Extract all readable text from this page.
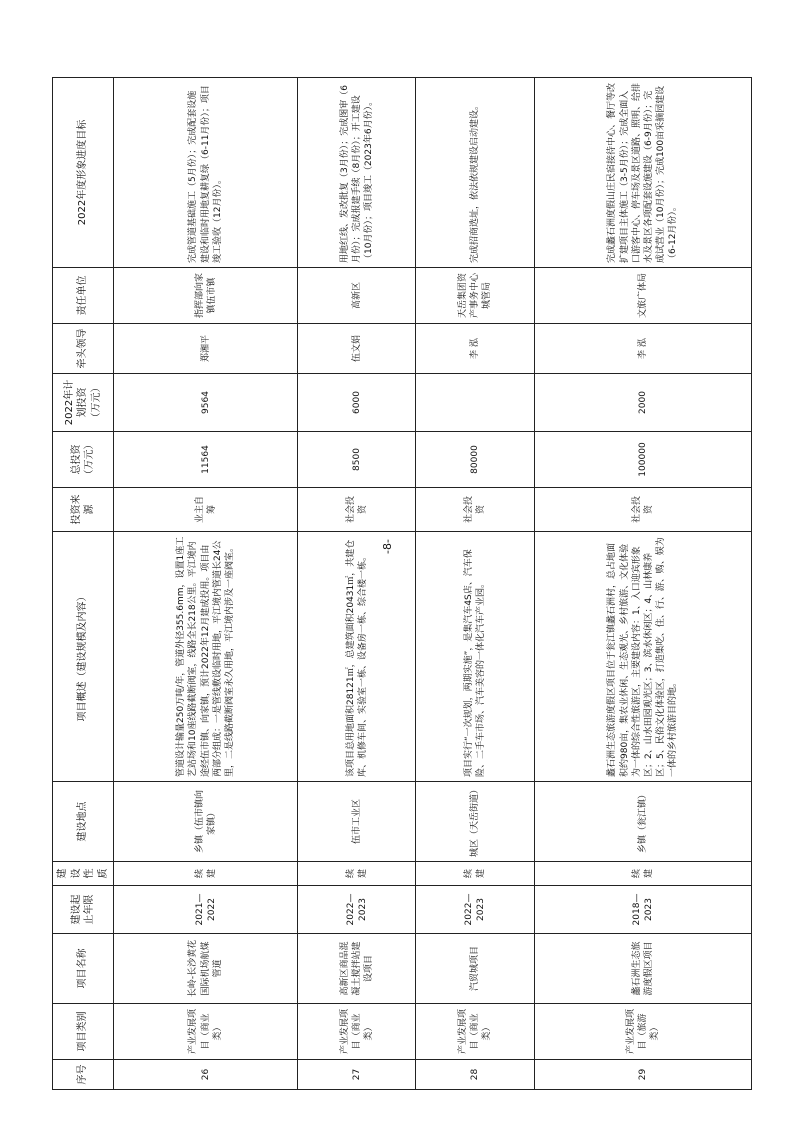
序号	项目类别	项目名称	建设起止年限	建设性质	建设地点	项目概述（建设规模及内容）	投资来源	总投资（万元）	2022年计划投资（万元）	牵头领导	责任单位	2022年度形象进度目标
26	产业发展项目（商业类）	长岭-长沙黄花国际机场航煤管道	2021—2022	续建	乡镇（伍市镇向家镇）	管道设计输量250万吨/年，管道外径355.6mm，设置1座工艺站场和10座线路截断阀室，线路全长218公里。平江境内途经伍市镇、向家镇，预计2022年12月建成投用。项目由两部分组成：一是管线敷设临时用地，平江境内管道长24公里，二是线路截断阀室永久用地，平江境内涉及一座阀室。	业主自筹	11564	9564	郑湘平	指挥部向家镇伍市镇	完成管道基础施工（5月份）；完成配套设施建设和临时用地复耕复绿（6-11月份）；项目竣工验收（12月份）。
27	产业发展项目（商业类）	高新区商品混凝土搅拌站建设项目	2022—2023	续建	伍市工业区	该项目总用地面积28121㎡，总建筑面积20431㎡，共建仓库、机修车间、实验室一栋、设备房一栋、综合楼一栋。	社会投资	8500	6000	伍文娟	高新区	用地红线、发改批复（3月份）；完成图审（6月份）；完成报建手续（8月份）；开工建设（10月份）；项目竣工（2023年6月份）。
28	产业发展项目（商业类）	汽贸城项目	2022—2023	续建	城区（天岳街道）	项目实行“一次规划，两期实施”，是集汽车4S店、汽车保险、二手车市场、汽车美容的一体化汽车产业园。	社会投资	80000		李 泓	天岳集团资产事务中心城管局	完成招商选址，依法依规建设启动建设。
29	产业发展项目（旅游类）	蠡石洲生态旅游度假区项目	2018—2023	续建	乡镇（瓮江镇）	蠡石洲生态旅游度假区项目位于瓮江镇蠡石洲村，总占地面积约980亩，集农业休闲、生态观光、乡村旅游、文化体验为一体的综合性旅游区，主要建设内容：1、入口迎宾形象区；2、山水田园观光区；3、滨水休闲区；4、山林康养区；5、民俗文化体验区，打造集吃、住、行、游、购、娱为一体的乡村旅游目的地。	社会投资	100000	2000	李 泓	文旅广体局	完成蠡石洲度假山庄民宿接待中心、餐厅等改扩建项目主体施工（3-5月份）；完成全面入口游客中心、停车场及景区道路、照明、给排水及景区各项配套设施建设（6-9月份）；完成试营业（10月份）；完成100亩采摘园建设（6-12月份）。
-8-
